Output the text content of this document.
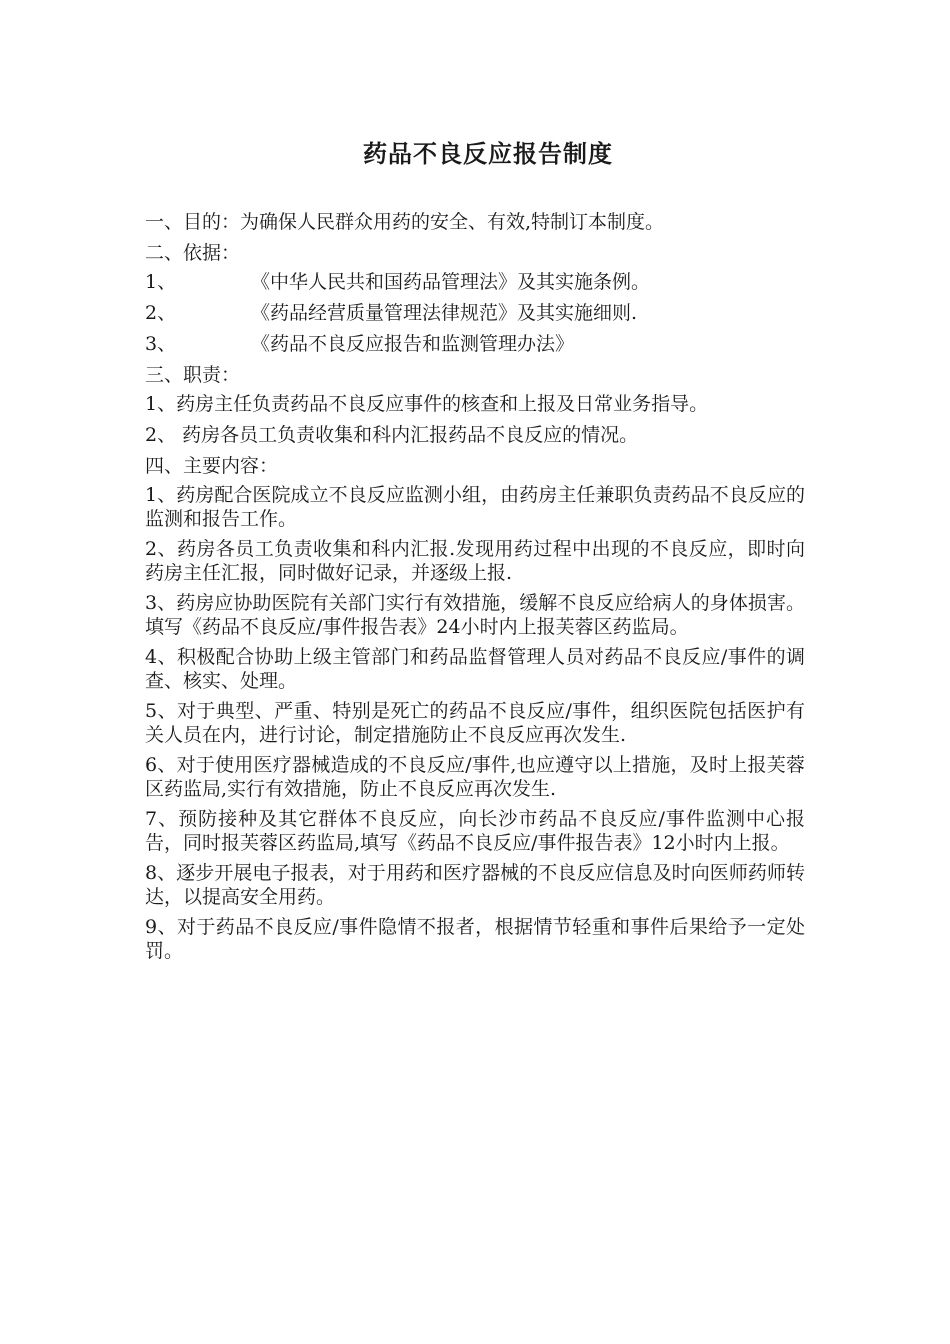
药品不良反应报告制度

一、目的：为确保人民群众用药的安全、有效,特制订本制度。

二、依据：

1、	《中华人民共和国药品管理法》及其实施条例。

2、	《药品经营质量管理法律规范》及其实施细则.

3、	《药品不良反应报告和监测管理办法》

三、职责：

1、药房主任负责药品不良反应事件的核查和上报及日常业务指导。

2、 药房各员工负责收集和科内汇报药品不良反应的情况。

四、主要内容：

1、药房配合医院成立不良反应监测小组，由药房主任兼职负责药品不良反应的监测和报告工作。

2、药房各员工负责收集和科内汇报.发现用药过程中出现的不良反应，即时向药房主任汇报，同时做好记录，并逐级上报.

3、药房应协助医院有关部门实行有效措施，缓解不良反应给病人的身体损害。填写《药品不良反应/事件报告表》24小时内上报芙蓉区药监局。

4、积极配合协助上级主管部门和药品监督管理人员对药品不良反应/事件的调查、核实、处理。

5、对于典型、严重、特别是死亡的药品不良反应/事件，组织医院包括医护有关人员在内，进行讨论，制定措施防止不良反应再次发生.

6、对于使用医疗器械造成的不良反应/事件,也应遵守以上措施，及时上报芙蓉区药监局,实行有效措施，防止不良反应再次发生.

7、预防接种及其它群体不良反应，向长沙市药品不良反应/事件监测中心报告，同时报芙蓉区药监局,填写《药品不良反应/事件报告表》12小时内上报。

8、逐步开展电子报表，对于用药和医疗器械的不良反应信息及时向医师药师转达，以提高安全用药。

9、对于药品不良反应/事件隐情不报者，根据情节轻重和事件后果给予一定处罚。
